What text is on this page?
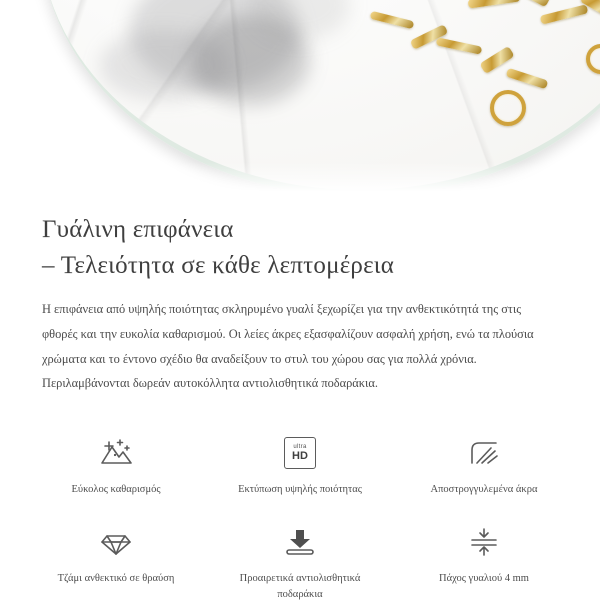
Γυάλινη επιφάνεια
– Τελειότητα σε κάθε λεπτομέρεια

Η επιφάνεια από υψηλής ποιότητας σκληρυμένο γυαλί ξεχωρίζει για την ανθεκτικότητά της στις φθορές και την ευκολία καθαρισμού. Οι λείες άκρες εξασφαλίζουν ασφαλή χρήση, ενώ τα πλούσια χρώματα και το έντονο σχέδιο θα αναδείξουν το στυλ του χώρου σας για πολλά χρόνια. Περιλαμβάνονται δωρεάν αυτοκόλλητα αντιολισθητικά ποδαράκια.

Εύκολος καθαρισμός
ultra
HD
Εκτύπωση υψηλής ποιότητας	Αποστρογγυλεμένα άκρα
Τζάμι ανθεκτικό σε θραύση	Προαιρετικά αντιολισθητικά ποδαράκια
Πάχος γυαλιού 4 mm
